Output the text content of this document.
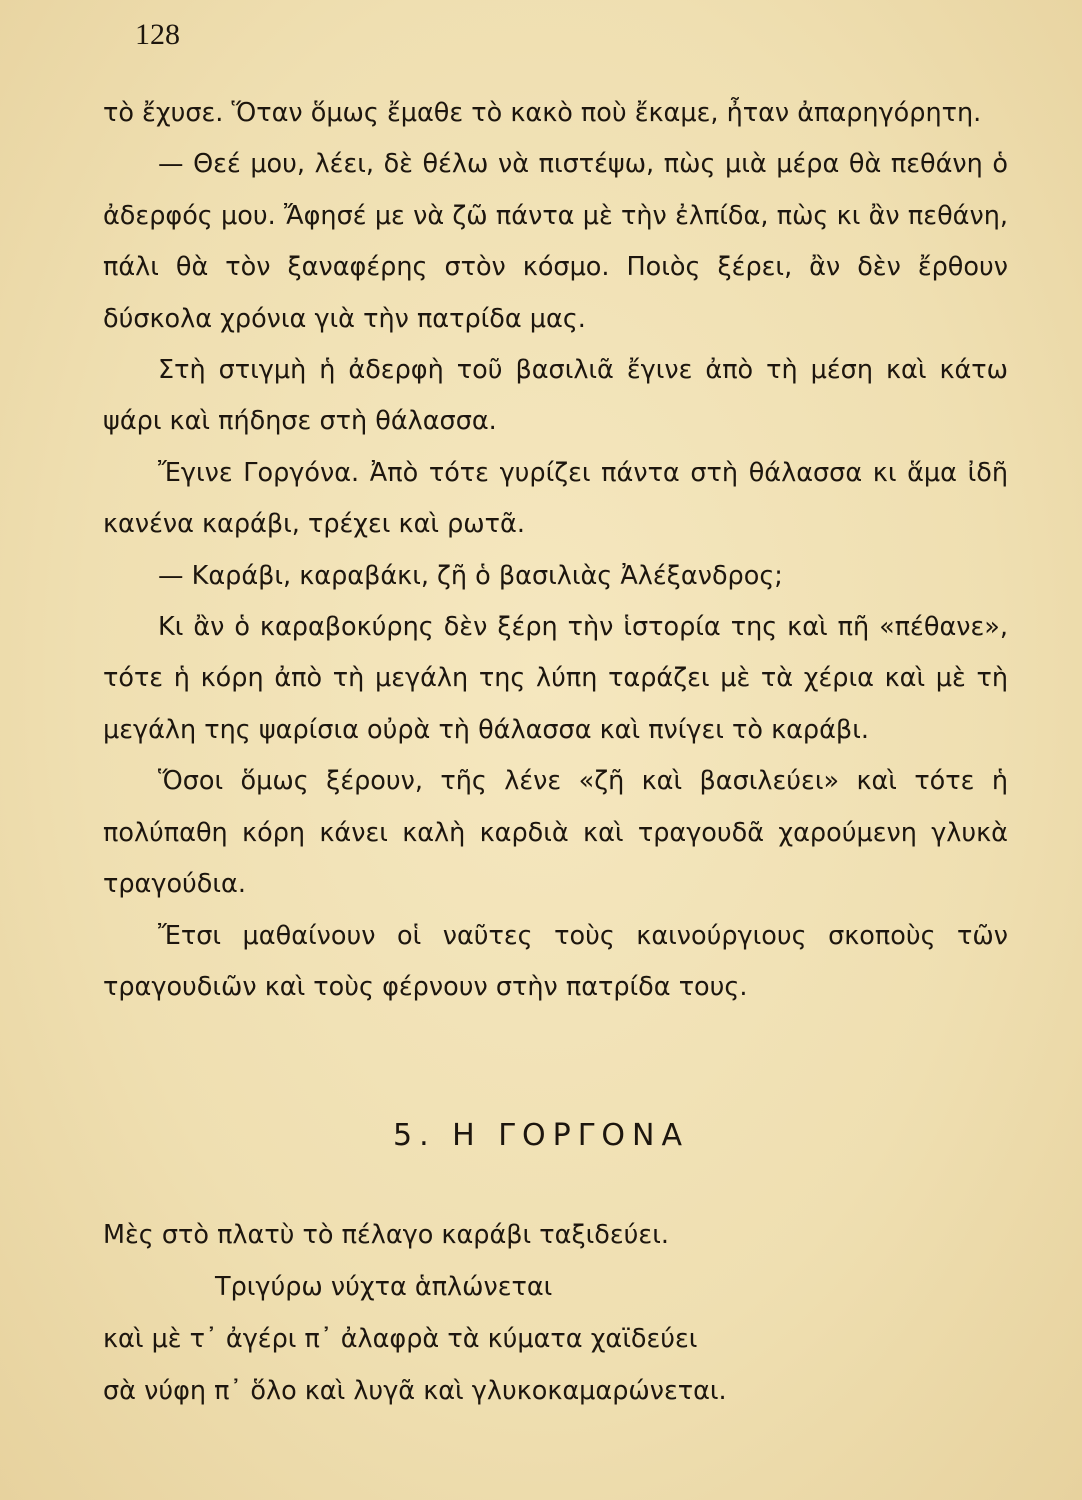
128

τὸ ἔχυσε. Ὅταν ὅμως ἔμαθε τὸ κακὸ ποὺ ἔκαμε, ἦταν ἀπαρηγόρητη.

— Θεέ μου, λέει, δὲ θέλω νὰ πιστέψω, πὼς μιὰ μέρα θὰ πεθάνη ὁ ἀδερφός μου. Ἄφησέ με νὰ ζῶ πάντα μὲ τὴν ἐλπίδα, πὼς κι ἂν πεθάνη, πάλι θὰ τὸν ξαναφέρης στὸν κόσμο. Ποιὸς ξέρει, ἂν δὲν ἔρθουν δύσκολα χρόνια γιὰ τὴν πατρίδα μας.

Στὴ στιγμὴ ἡ ἀδερφὴ τοῦ βασιλιᾶ ἔγινε ἀπὸ τὴ μέση καὶ κάτω ψάρι καὶ πήδησε στὴ θάλασσα.

Ἔγινε Γοργόνα. Ἀπὸ τότε γυρίζει πάντα στὴ θάλασσα κι ἅμα ἰδῆ κανένα καράβι, τρέχει καὶ ρωτᾶ.

— Καράβι, καραβάκι, ζῆ ὁ βασιλιὰς Ἀλέξανδρος;

Κι ἂν ὁ καραβοκύρης δὲν ξέρη τὴν ἱστορία της καὶ πῆ «πέθανε», τότε ἡ κόρη ἀπὸ τὴ μεγάλη της λύπη ταράζει μὲ τὰ χέρια καὶ μὲ τὴ μεγάλη της ψαρίσια οὐρὰ τὴ θάλασσα καὶ πνίγει τὸ καράβι.

Ὅσοι ὅμως ξέρουν, τῆς λένε «ζῆ καὶ βασιλεύει» καὶ τότε ἡ πολύπαθη κόρη κάνει καλὴ καρδιὰ καὶ τραγουδᾶ χαρούμενη γλυκὰ τραγούδια.

Ἔτσι μαθαίνουν οἱ ναῦτες τοὺς καινούργιους σκοποὺς τῶν τραγουδιῶν καὶ τοὺς φέρνουν στὴν πατρίδα τους.

5. Η ΓΟΡΓΟΝΑ
Μὲς στὸ πλατὺ τὸ πέλαγο καράβι ταξιδεύει.
Τριγύρω νύχτα ἁπλώνεται
καὶ μὲ τ᾿ ἀγέρι π᾿ ἀλαφρὰ τὰ κύματα χαϊδεύει
σὰ νύφη π᾿ ὅλο καὶ λυγᾶ καὶ γλυκοκαμαρώνεται.
